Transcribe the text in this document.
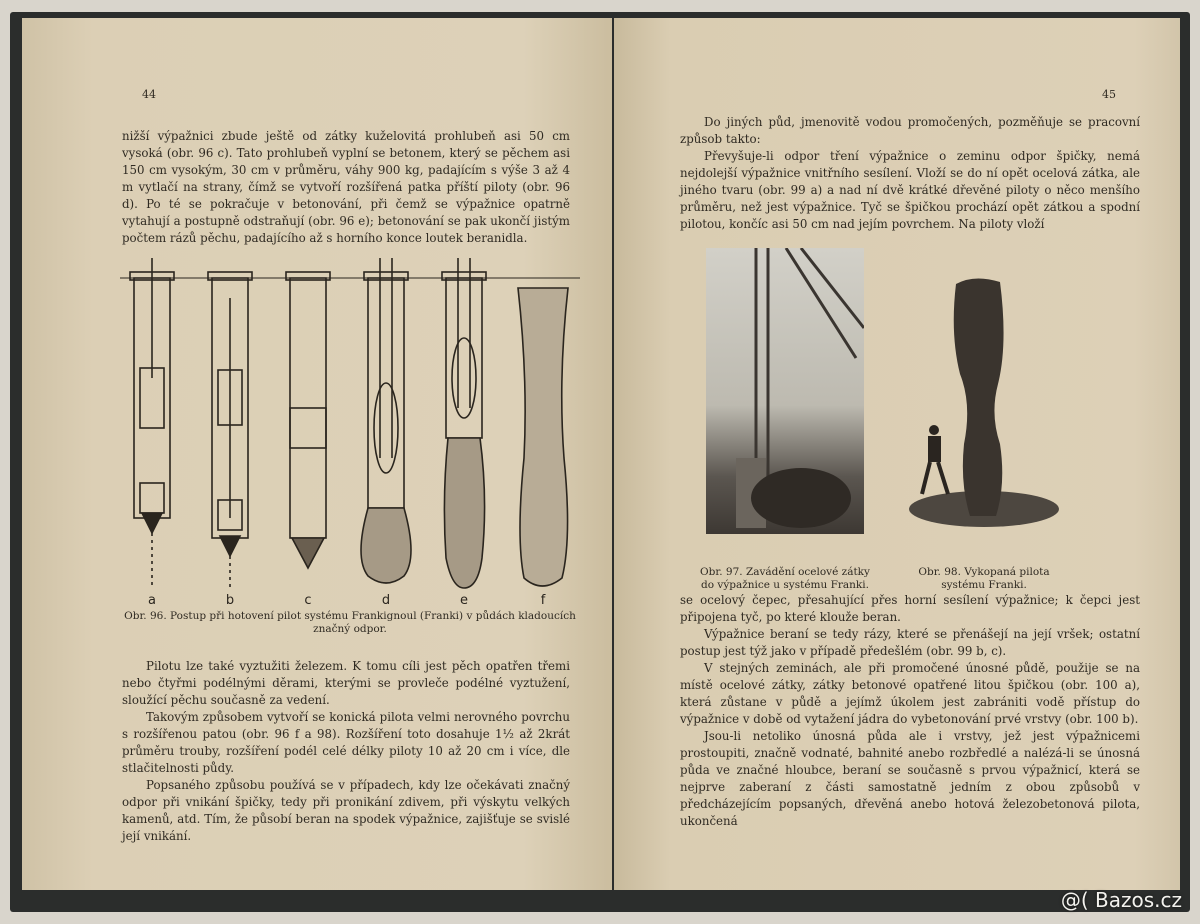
44

nižší výpažnici zbude ještě od zátky kuželovitá prohlubeň asi 50 cm vysoká (obr. 96 c). Tato prohlubeň vyplní se betonem, který se pěchem asi 150 cm vysokým, 30 cm v průměru, váhy 900 kg, padajícím s výše 3 až 4 m vytlačí na strany, čímž se vytvoří rozšířená patka příští piloty (obr. 96 d). Po té se pokračuje v betonování, při čemž se výpažnice opatrně vytahují a postupně odstraňují (obr. 96 e); betonování se pak ukončí jistým počtem rázů pěchu, padajícího až s horního konce loutek beranidla.

a	b	c	d	e	f
Obr. 96. Postup při hotovení pilot systému Frankignoul (Franki) v půdách kladoucích značný odpor.

Pilotu lze také vyztužiti železem. K tomu cíli jest pěch opatřen třemi nebo čtyřmi podélnými děrami, kterými se provleče podélné vyztužení, sloužící pěchu současně za vedení.

Takovým způsobem vytvoří se konická pilota velmi nerovného povrchu s rozšířenou patou (obr. 96 f a 98). Rozšíření toto dosahuje 1½ až 2krát průměru trouby, rozšíření podél celé délky piloty 10 až 20 cm i více, dle stlačitelnosti půdy.

Popsaného způsobu používá se v případech, kdy lze očekávati značný odpor při vnikání špičky, tedy při pronikání zdivem, při výskytu velkých kamenů, atd. Tím, že působí beran na spodek výpažnice, zajišťuje se svislé její vnikání.

45

Do jiných půd, jmenovitě vodou promočených, pozměňuje se pracovní způsob takto:

Převyšuje-li odpor tření výpažnice o zeminu odpor špičky, nemá nejdolejší výpažnice vnitřního sesílení. Vloží se do ní opět ocelová zátka, ale jiného tvaru (obr. 99 a) a nad ní dvě krátké dřevěné piloty o něco menšího průměru, než jest výpažnice. Tyč se špičkou prochází opět zátkou a spodní pilotou, končíc asi 50 cm nad jejím povrchem. Na piloty vloží

Obr. 97. Zavádění ocelové zátky do výpažnice u systému Franki.
Obr. 98. Vykopaná pilota systému Franki.

se ocelový čepec, přesahující přes horní sesílení výpažnice; k čepci jest připojena tyč, po které klouže beran.

Výpažnice beraní se tedy rázy, které se přenášejí na její vršek; ostatní postup jest týž jako v případě předešlém (obr. 99 b, c).

V stejných zeminách, ale při promočené únosné půdě, použije se na místě ocelové zátky, zátky betonové opatřené litou špičkou (obr. 100 a), která zůstane v půdě a jejímž úkolem jest zabrániti vodě přístup do výpažnice v době od vytažení jádra do vybetonování prvé vrstvy (obr. 100 b).

Jsou-li netoliko únosná půda ale i vrstvy, jež jest výpažnicemi prostoupiti, značně vodnaté, bahnité anebo rozbředlé a nalézá-li se únosná půda ve značné hloubce, beraní se současně s prvou výpažnicí, která se nejprve zaberaní z části samostatně jedním z obou způsobů v předcházejícím popsaných, dřevěná anebo hotová železobetonová pilota, ukončená

@( Bazos.cz
